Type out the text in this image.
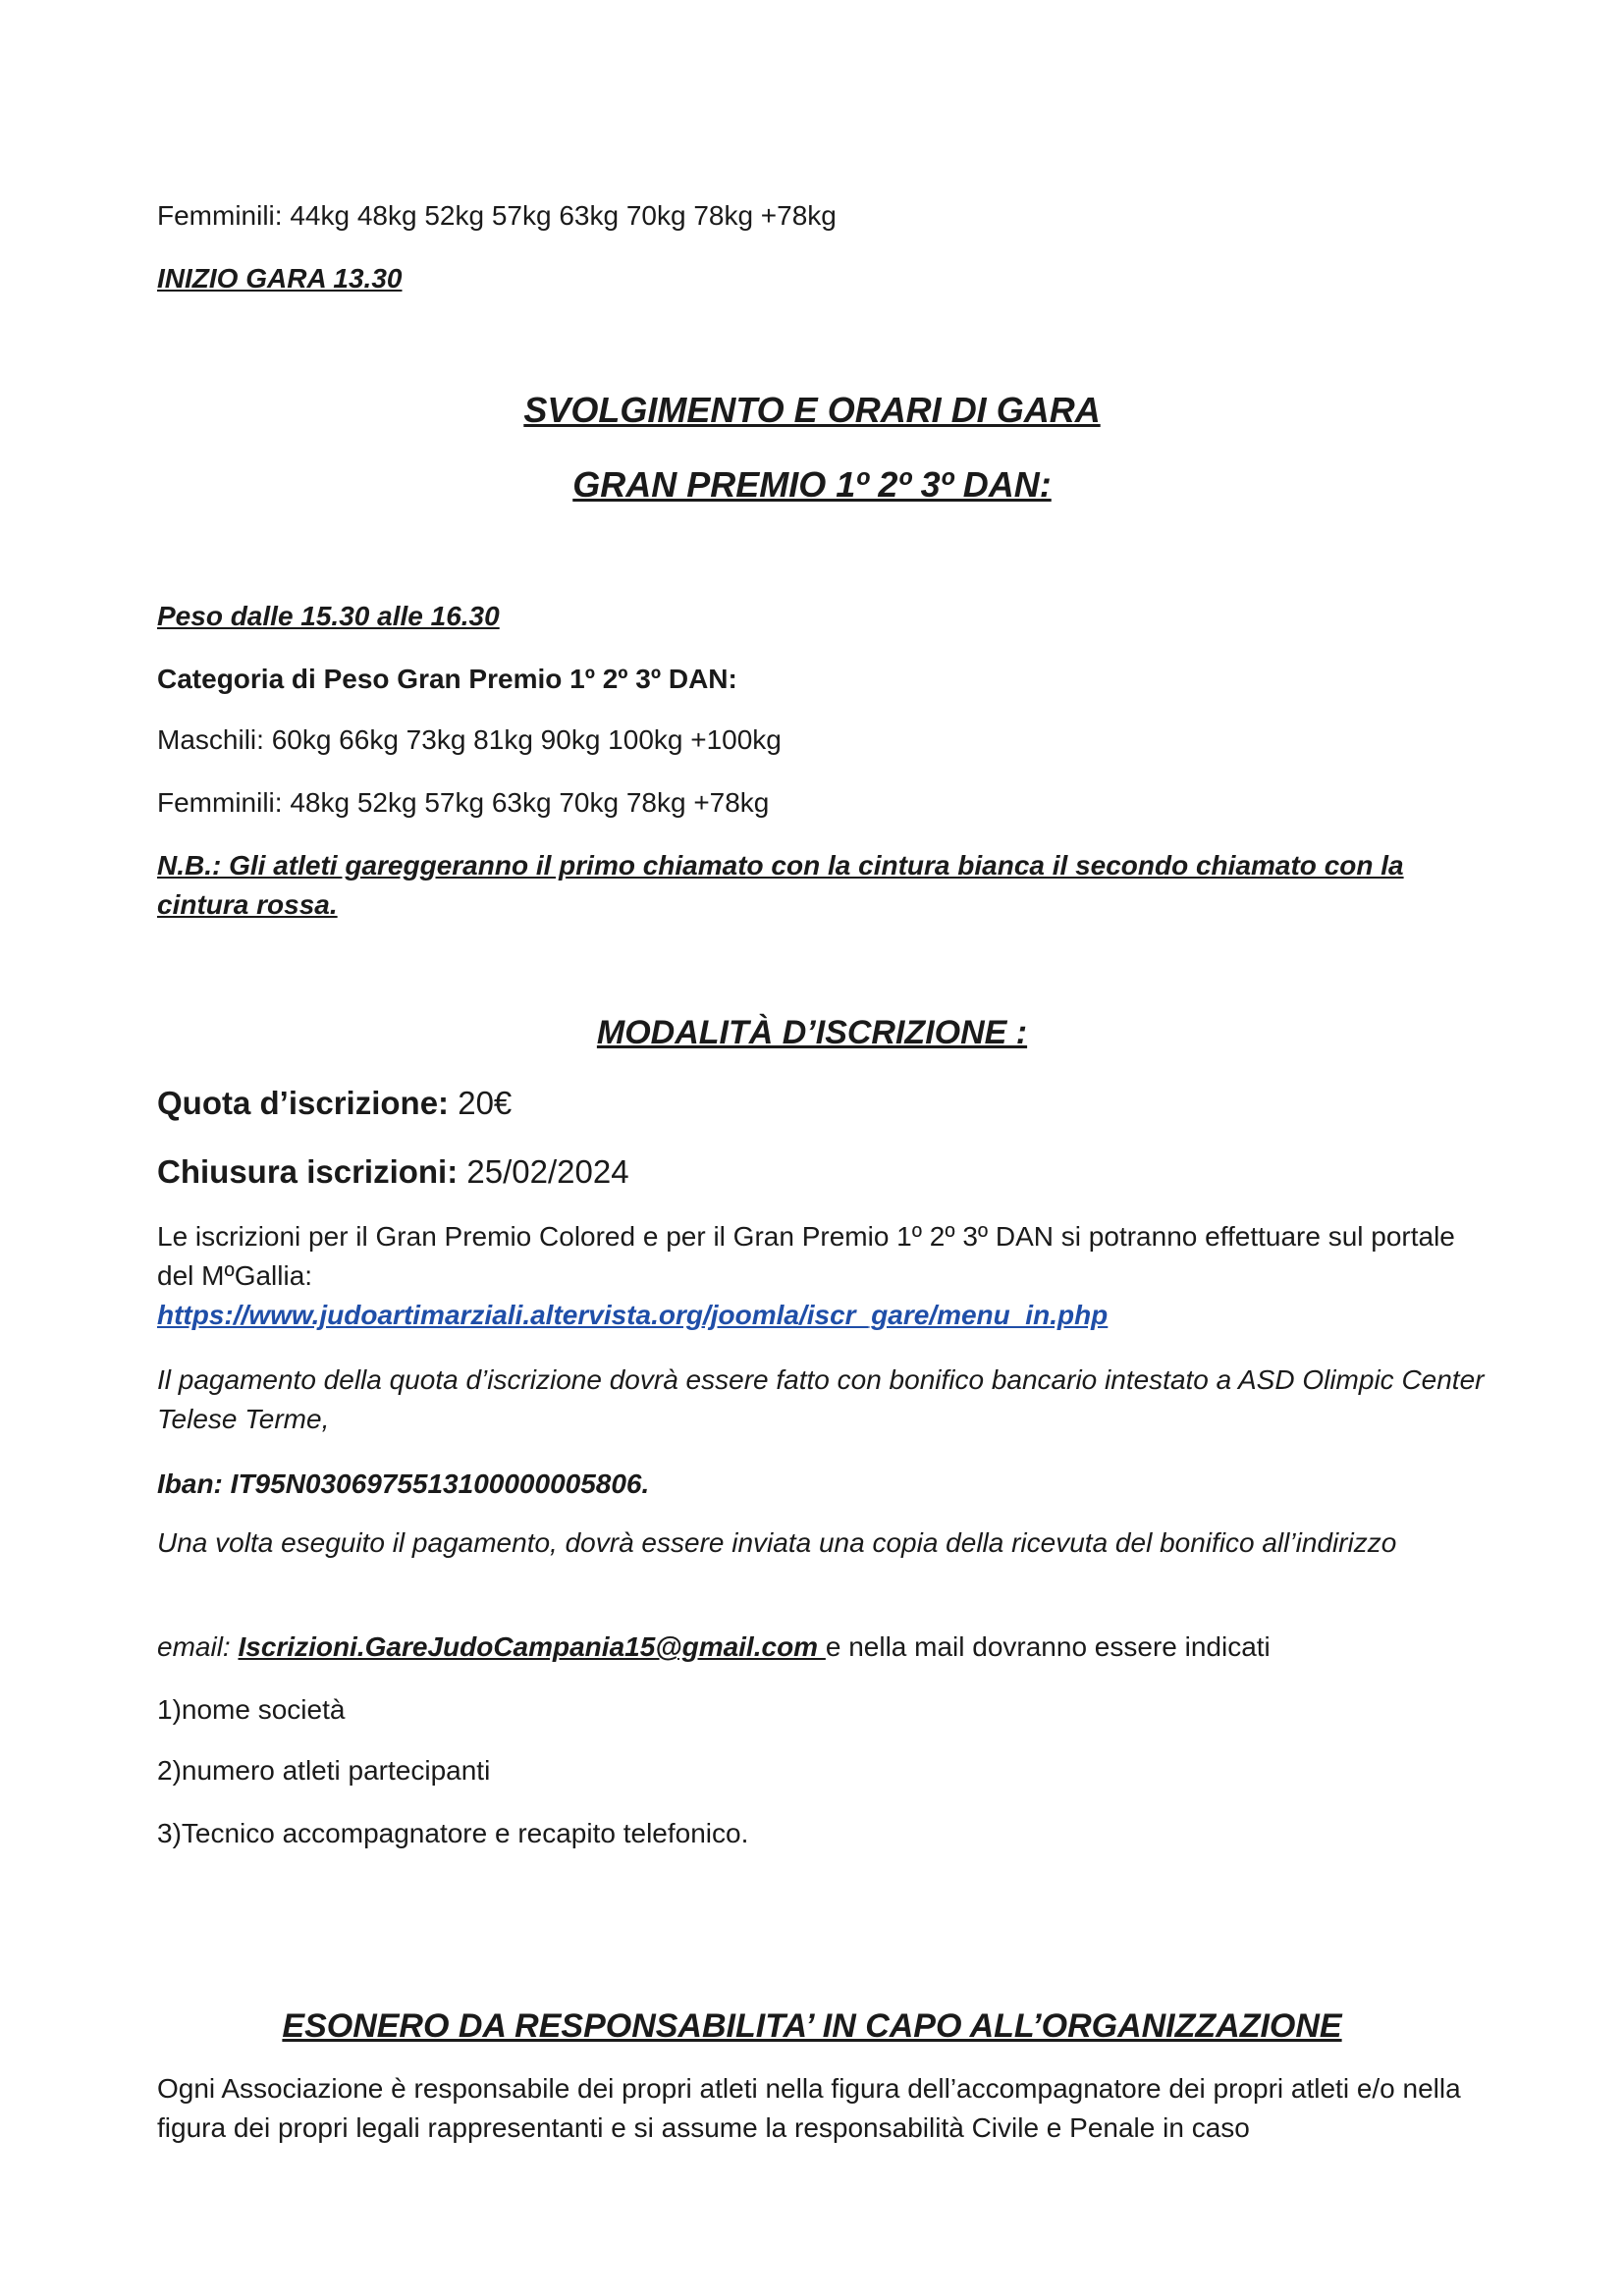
Femminili: 44kg 48kg 52kg 57kg 63kg 70kg 78kg +78kg
INIZIO GARA 13.30
SVOLGIMENTO E ORARI DI GARA
GRAN PREMIO 1º 2º 3º DAN:
Peso dalle 15.30 alle 16.30
Categoria di Peso Gran Premio 1º 2º 3º DAN:
Maschili: 60kg 66kg 73kg 81kg 90kg 100kg +100kg
Femminili: 48kg 52kg 57kg 63kg 70kg 78kg +78kg
N.B.: Gli atleti gareggeranno il primo chiamato con la cintura bianca il secondo chiamato con la cintura rossa.
MODALITÀ D’ISCRIZIONE :
Quota d’iscrizione: 20€
Chiusura iscrizioni: 25/02/2024
Le iscrizioni per il Gran Premio Colored e per il Gran Premio 1º 2º 3º DAN si potranno effettuare sul portale del MºGallia:
https://www.judoartimarziali.altervista.org/joomla/iscr_gare/menu_in.php
Il pagamento della quota d’iscrizione dovrà essere fatto con bonifico bancario intestato a ASD Olimpic Center Telese Terme,
Iban: IT95N0306975513100000005806.
Una volta eseguito il pagamento, dovrà essere inviata una copia della ricevuta del bonifico all’indirizzo
email: Iscrizioni.GareJudoCampania15@gmail.com e nella mail dovranno essere indicati
1)nome società
2)numero atleti partecipanti
3)Tecnico accompagnatore e recapito telefonico.
ESONERO DA RESPONSABILITA’ IN CAPO ALL’ORGANIZZAZIONE
Ogni Associazione è responsabile dei propri atleti nella figura dell’accompagnatore dei propri atleti e/o nella figura dei propri legali rappresentanti e si assume la responsabilità Civile e Penale in caso
